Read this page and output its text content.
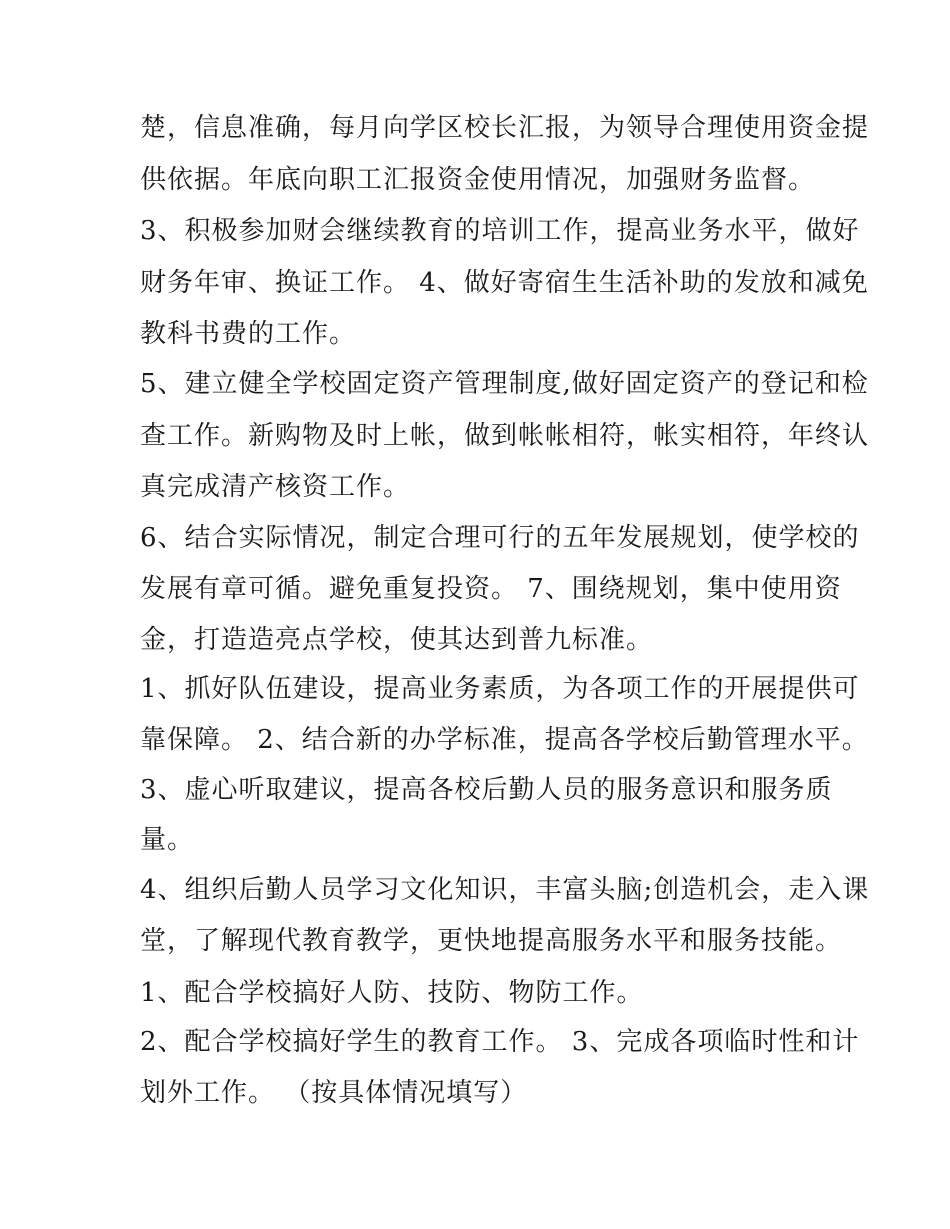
楚，信息准确，每月向学区校长汇报，为领导合理使用资金提
供依据。年底向职工汇报资金使用情况，加强财务监督。
3、积极参加财会继续教育的培训工作，提高业务水平，做好
财务年审、换证工作。 4、做好寄宿生生活补助的发放和减免
教科书费的工作。
5、建立健全学校固定资产管理制度,做好固定资产的登记和检
查工作。新购物及时上帐，做到帐帐相符，帐实相符，年终认
真完成清产核资工作。
6、结合实际情况，制定合理可行的五年发展规划，使学校的
发展有章可循。避免重复投资。 7、围绕规划，集中使用资
金，打造造亮点学校，使其达到普九标准。
1、抓好队伍建设，提高业务素质，为各项工作的开展提供可
靠保障。 2、结合新的办学标准，提高各学校后勤管理水平。
3、虚心听取建议，提高各校后勤人员的服务意识和服务质
量。
4、组织后勤人员学习文化知识，丰富头脑;创造机会，走入课
堂，了解现代教育教学，更快地提高服务水平和服务技能。
1、配合学校搞好人防、技防、物防工作。
2、配合学校搞好学生的教育工作。 3、完成各项临时性和计
划外工作。 （按具体情况填写）
